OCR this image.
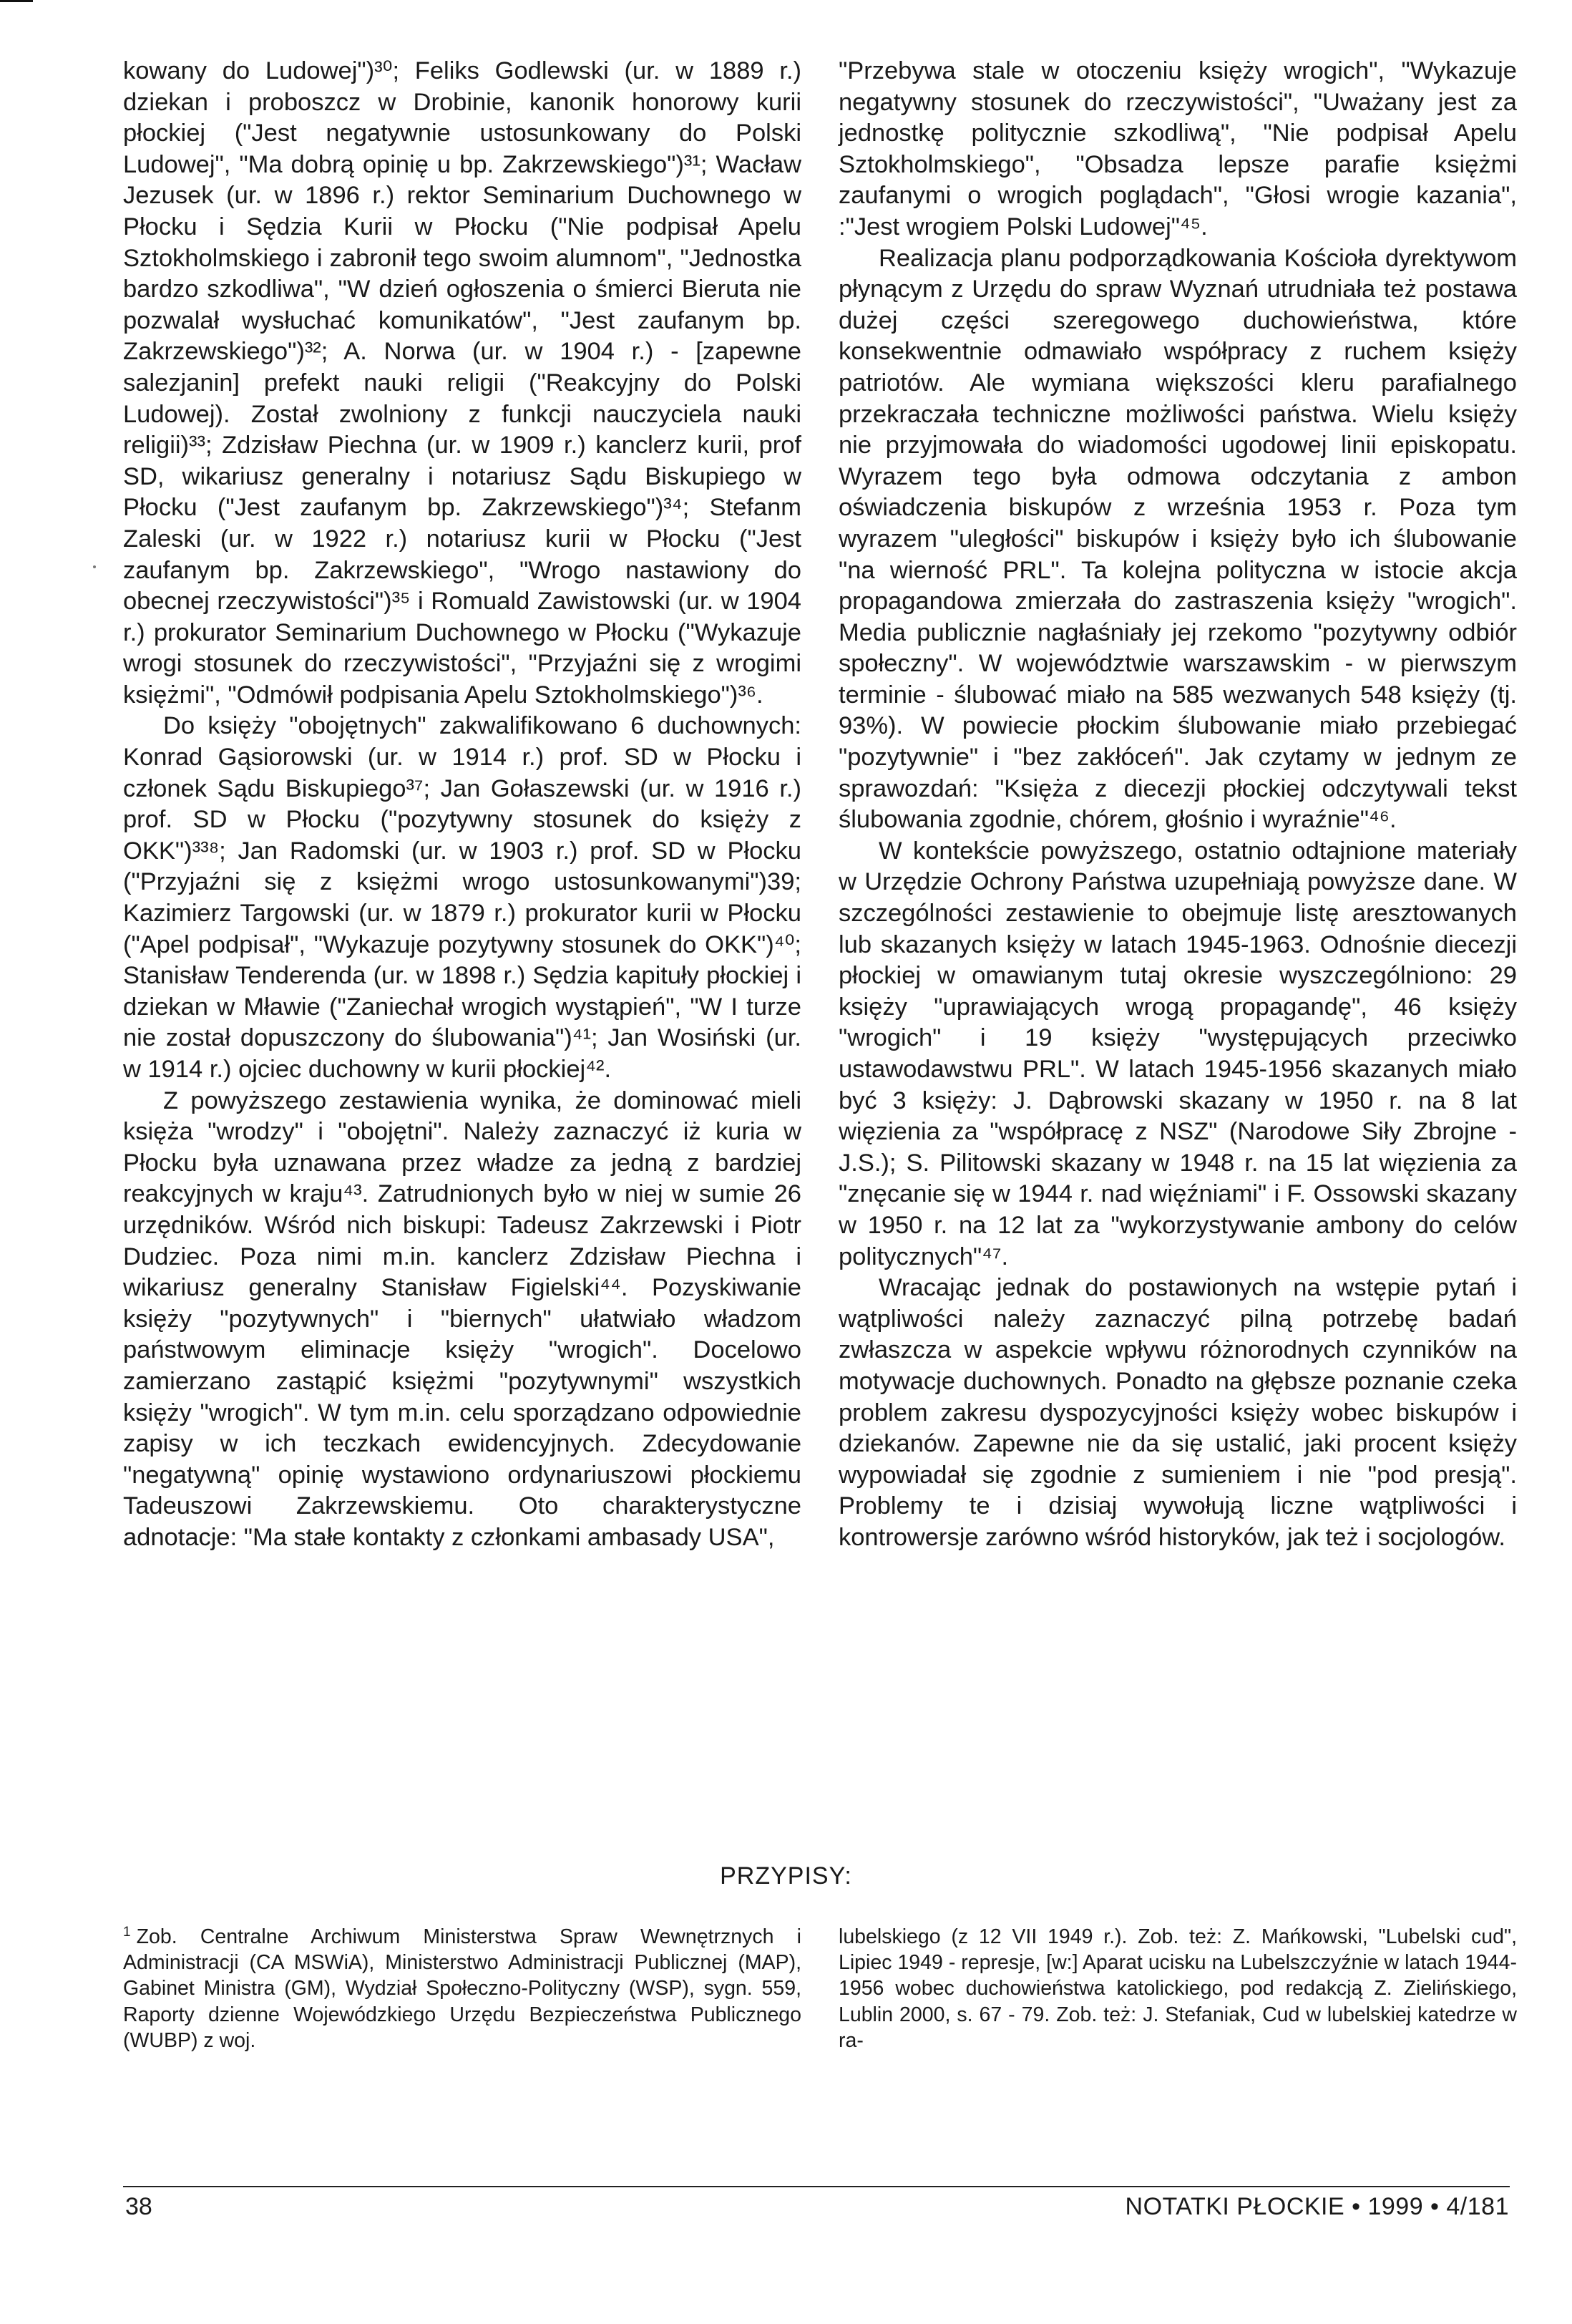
kowany do Ludowej")³⁰; Feliks Godlewski (ur. w 1889 r.) dziekan i proboszcz w Drobinie, kanonik honorowy kurii płockiej ("Jest negatywnie ustosunkowany do Polski Ludowej", "Ma dobrą opinię u bp. Zakrzewskiego")³¹; Wacław Jezusek (ur. w 1896 r.) rektor Seminarium Duchownego w Płocku i Sędzia Kurii w Płocku ("Nie podpisał Apelu Sztokholmskiego i zabronił tego swoim alumnom", "Jednostka bardzo szkodliwa", "W dzień ogłoszenia o śmierci Bieruta nie pozwalał wysłuchać komunikatów", "Jest zaufanym bp. Zakrzewskiego")³²; A. Norwa (ur. w 1904 r.) - [zapewne salezjanin] prefekt nauki religii ("Reakcyjny do Polski Ludowej). Został zwolniony z funkcji nauczyciela nauki religii)³³; Zdzisław Piechna (ur. w 1909 r.) kanclerz kurii, prof SD, wikariusz generalny i notariusz Sądu Biskupiego w Płocku ("Jest zaufanym bp. Zakrzewskiego")³⁴; Stefanm Zaleski (ur. w 1922 r.) notariusz kurii w Płocku ("Jest zaufanym bp. Zakrzewskiego", "Wrogo nastawiony do obecnej rzeczywistości")³⁵ i Romuald Zawistowski (ur. w 1904 r.) prokurator Seminarium Duchownego w Płocku ("Wykazuje wrogi stosunek do rzeczywistości", "Przyjaźni się z wrogimi księżmi", "Odmówił podpisania Apelu Sztokholmskiego")³⁶.

Do księży "obojętnych" zakwalifikowano 6 duchownych: Konrad Gąsiorowski (ur. w 1914 r.) prof. SD w Płocku i członek Sądu Biskupiego³⁷; Jan Gołaszewski (ur. w 1916 r.) prof. SD w Płocku ("pozytywny stosunek do księży z OKK")³³⁸; Jan Radomski (ur. w 1903 r.) prof. SD w Płocku ("Przyjaźni się z księżmi wrogo ustosunkowanymi")39; Kazimierz Targowski (ur. w 1879 r.) prokurator kurii w Płocku ("Apel podpisał", "Wykazuje pozytywny stosunek do OKK")⁴⁰; Stanisław Tenderenda (ur. w 1898 r.) Sędzia kapituły płockiej i dziekan w Mławie ("Zaniechał wrogich wystąpień", "W I turze nie został dopuszczony do ślubowania")⁴¹; Jan Wosiński (ur. w 1914 r.) ojciec duchowny w kurii płockiej⁴².

Z powyższego zestawienia wynika, że dominować mieli księża "wrodzy" i "obojętni". Należy zaznaczyć iż kuria w Płocku była uznawana przez władze za jedną z bardziej reakcyjnych w kraju⁴³. Zatrudnionych było w niej w sumie 26 urzędników. Wśród nich biskupi: Tadeusz Zakrzewski i Piotr Dudziec. Poza nimi m.in. kanclerz Zdzisław Piechna i wikariusz generalny Stanisław Figielski⁴⁴. Pozyskiwanie księży "pozytywnych" i "biernych" ułatwiało władzom państwowym eliminacje księży "wrogich". Docelowo zamierzano zastąpić księżmi "pozytywnymi" wszystkich księży "wrogich". W tym m.in. celu sporządzano odpowiednie zapisy w ich teczkach ewidencyjnych. Zdecydowanie "negatywną" opinię wystawiono ordynariuszowi płockiemu Tadeuszowi Zakrzewskiemu. Oto charakterystyczne adnotacje: "Ma stałe kontakty z członkami ambasady USA",

"Przebywa stale w otoczeniu księży wrogich", "Wykazuje negatywny stosunek do rzeczywistości", "Uważany jest za jednostkę politycznie szkodliwą", "Nie podpisał Apelu Sztokholmskiego", "Obsadza lepsze parafie księżmi zaufanymi o wrogich poglądach", "Głosi wrogie kazania", :"Jest wrogiem Polski Ludowej"⁴⁵.

Realizacja planu podporządkowania Kościoła dyrektywom płynącym z Urzędu do spraw Wyznań utrudniała też postawa dużej części szeregowego duchowieństwa, które konsekwentnie odmawiało współpracy z ruchem księży patriotów. Ale wymiana większości kleru parafialnego przekraczała techniczne możliwości państwa. Wielu księży nie przyjmowała do wiadomości ugodowej linii episkopatu. Wyrazem tego była odmowa odczytania z ambon oświadczenia biskupów z września 1953 r. Poza tym wyrazem "uległości" biskupów i księży było ich ślubowanie "na wierność PRL". Ta kolejna polityczna w istocie akcja propagandowa zmierzała do zastraszenia księży "wrogich". Media publicznie nagłaśniały jej rzekomo "pozytywny odbiór społeczny". W województwie warszawskim - w pierwszym terminie - ślubować miało na 585 wezwanych 548 księży (tj. 93%). W powiecie płockim ślubowanie miało przebiegać "pozytywnie" i "bez zakłóceń". Jak czytamy w jednym ze sprawozdań: "Księża z diecezji płockiej odczytywali tekst ślubowania zgodnie, chórem, głośnio i wyraźnie"⁴⁶.

W kontekście powyższego, ostatnio odtajnione materiały w Urzędzie Ochrony Państwa uzupełniają powyższe dane. W szczególności zestawienie to obejmuje listę aresztowanych lub skazanych księży w latach 1945-1963. Odnośnie diecezji płockiej w omawianym tutaj okresie wyszczególniono: 29 księży "uprawiających wrogą propagandę", 46 księży "wrogich" i 19 księży "występujących przeciwko ustawodawstwu PRL". W latach 1945-1956 skazanych miało być 3 księży: J. Dąbrowski skazany w 1950 r. na 8 lat więzienia za "współpracę z NSZ" (Narodowe Siły Zbrojne - J.S.); S. Pilitowski skazany w 1948 r. na 15 lat więzienia za "znęcanie się w 1944 r. nad więźniami" i F. Ossowski skazany w 1950 r. na 12 lat za "wykorzystywanie ambony do celów politycznych"⁴⁷.

Wracając jednak do postawionych na wstępie pytań i wątpliwości należy zaznaczyć pilną potrzebę badań zwłaszcza w aspekcie wpływu różnorodnych czynników na motywacje duchownych. Ponadto na głębsze poznanie czeka problem zakresu dyspozycyjności księży wobec biskupów i dziekanów. Zapewne nie da się ustalić, jaki procent księży wypowiadał się zgodnie z sumieniem i nie "pod presją". Problemy te i dzisiaj wywołują liczne wątpliwości i kontrowersje zarówno wśród historyków, jak też i socjologów.

PRZYPISY:

$^1$ Zob. Centralne Archiwum Ministerstwa Spraw Wewnętrznych i Administracji (CA MSWiA), Ministerstwo Administracji Publicznej (MAP), Gabinet Ministra (GM), Wydział Społeczno-Polityczny (WSP), sygn. 559, Raporty dzienne Wojewódzkiego Urzędu Bezpieczeństwa Publicznego (WUBP) z woj.

lubelskiego (z 12 VII 1949 r.). Zob. też: Z. Mańkowski, "Lubelski cud", Lipiec 1949 - represje, [w:] Aparat ucisku na Lubelszczyźnie w latach 1944-1956 wobec duchowieństwa katolickiego, pod redakcją Z. Zielińskiego, Lublin 2000, s. 67 - 79. Zob. też: J. Stefaniak, Cud w lubelskiej katedrze w ra-

38	NOTATKI PŁOCKIE • 1999 • 4/181
